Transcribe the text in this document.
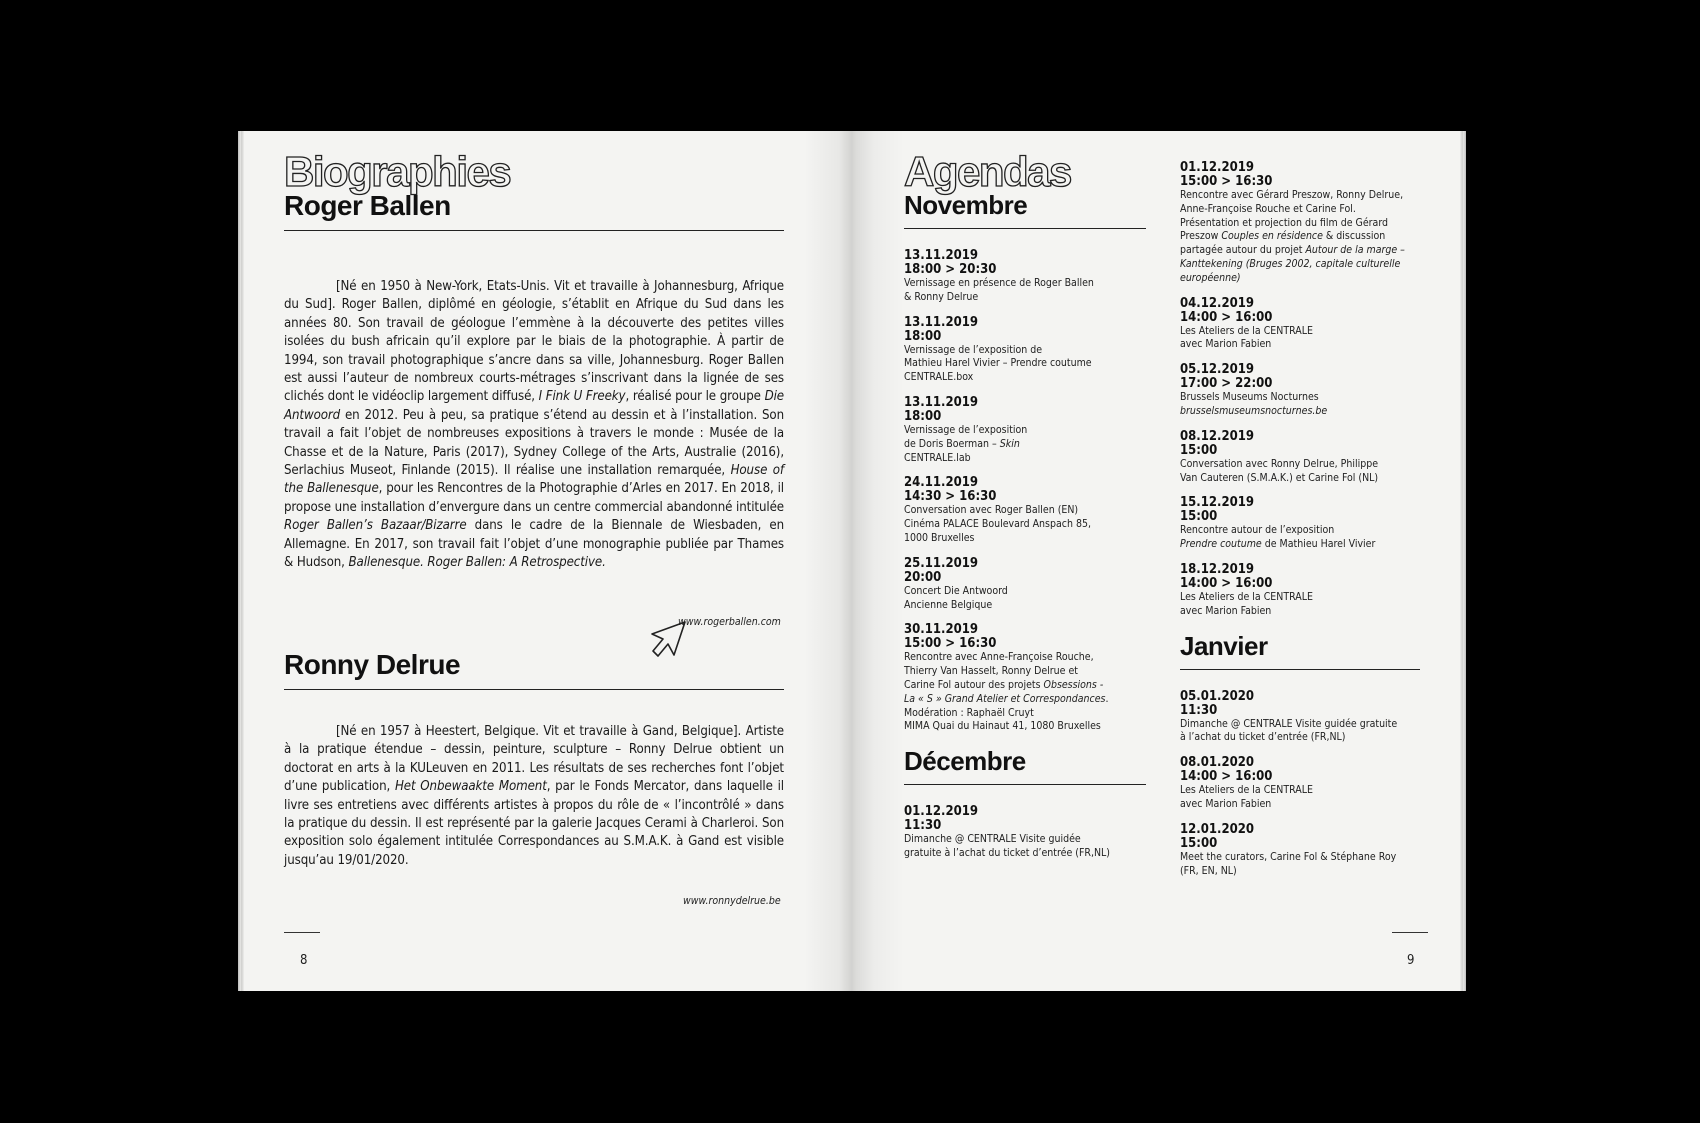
Biographies
Roger Ballen

[Né en 1950 à New-York, Etats-Unis. Vit et travaille à Johannesburg, Afrique du Sud]. Roger Ballen, diplômé en géologie, s’établit en Afrique du Sud dans les années 80. Son travail de géologue l’emmène à la découverte des petites villes isolées du bush africain qu’il explore par le biais de la photographie. À partir de 1994, son travail photographique s’ancre dans sa ville, Johannesburg. Roger Ballen est aussi l’auteur de nombreux courts-métrages s’inscrivant dans la lignée de ses clichés dont le vidéoclip largement diffusé, I Fink U Freeky, réalisé pour le groupe Die Antwoord en 2012. Peu à peu, sa pratique s’étend au dessin et à l’installation. Son travail a fait l’objet de nombreuses expositions à travers le monde : Musée de la Chasse et de la Nature, Paris (2017), Sydney College of the Arts, Australie (2016), Serlachius Museot, Finlande (2015). Il réalise une installation remarquée, House of the Ballenesque, pour les Rencontres de la Photographie d’Arles en 2017. En 2018, il propose une installation d’envergure dans un centre commercial abandonné intitulée Roger Ballen’s Bazaar/Bizarre dans le cadre de la Biennale de Wiesbaden, en Allemagne. En 2017, son travail fait l’objet d’une monographie publiée par Thames & Hudson, Ballenesque. Roger Ballen: A Retrospective.

www.rogerballen.com
Ronny Delrue

[Né en 1957 à Heestert, Belgique. Vit et travaille à Gand, Belgique]. Artiste à la pratique étendue – dessin, peinture, sculpture – Ronny Delrue obtient un doctorat en arts à la KULeuven en 2011. Les résultats de ses recherches font l’objet d’une publication, Het Onbewaakte Moment, par le Fonds Mercator, dans laquelle il livre ses entretiens avec différents artistes à propos du rôle de « l’incontrôlé » dans la pratique du dessin. Il est représenté par la galerie Jacques Cerami à Charleroi. Son exposition solo également intitulée Correspondances au S.M.A.K. à Gand est visible jusqu’au 19/01/2020.

www.ronnydelrue.be
8
Agendas
Novembre
13.11.2019
18:00 > 20:30
Vernissage en présence de Roger Ballen
& Ronny Delrue
13.11.2019
18:00
Vernissage de l’exposition de
Mathieu Harel Vivier – Prendre coutume
CENTRALE.box
13.11.2019
18:00
Vernissage de l’exposition
de Doris Boerman – Skin
CENTRALE.lab
24.11.2019
14:30 > 16:30
Conversation avec Roger Ballen (EN)
Cinéma PALACE Boulevard Anspach 85,
1000 Bruxelles
25.11.2019
20:00
Concert Die Antwoord
Ancienne Belgique
30.11.2019
15:00 > 16:30
Rencontre avec Anne-Françoise Rouche,
Thierry Van Hasselt, Ronny Delrue et
Carine Fol autour des projets Obsessions -
La « S » Grand Atelier et Correspondances.
Modération : Raphaël Cruyt
MIMA Quai du Hainaut 41, 1080 Bruxelles
Décembre
01.12.2019
11:30
Dimanche @ CENTRALE Visite guidée
gratuite à l’achat du ticket d’entrée (FR,NL)
01.12.2019
15:00 > 16:30
Rencontre avec Gérard Preszow, Ronny Delrue,
Anne-Françoise Rouche et Carine Fol.
Présentation et projection du film de Gérard
Preszow Couples en résidence & discussion
partagée autour du projet Autour de la marge –
Kanttekening (Bruges 2002, capitale culturelle
européenne)
04.12.2019
14:00 > 16:00
Les Ateliers de la CENTRALE
avec Marion Fabien
05.12.2019
17:00 > 22:00
Brussels Museums Nocturnes
brusselsmuseumsnocturnes.be
08.12.2019
15:00
Conversation avec Ronny Delrue, Philippe
Van Cauteren (S.M.A.K.) et Carine Fol (NL)
15.12.2019
15:00
Rencontre autour de l’exposition
Prendre coutume de Mathieu Harel Vivier
18.12.2019
14:00 > 16:00
Les Ateliers de la CENTRALE
avec Marion Fabien
Janvier
05.01.2020
11:30
Dimanche @ CENTRALE Visite guidée gratuite
à l’achat du ticket d’entrée (FR,NL)
08.01.2020
14:00 > 16:00
Les Ateliers de la CENTRALE
avec Marion Fabien
12.01.2020
15:00
Meet the curators, Carine Fol & Stéphane Roy
(FR, EN, NL)
9
